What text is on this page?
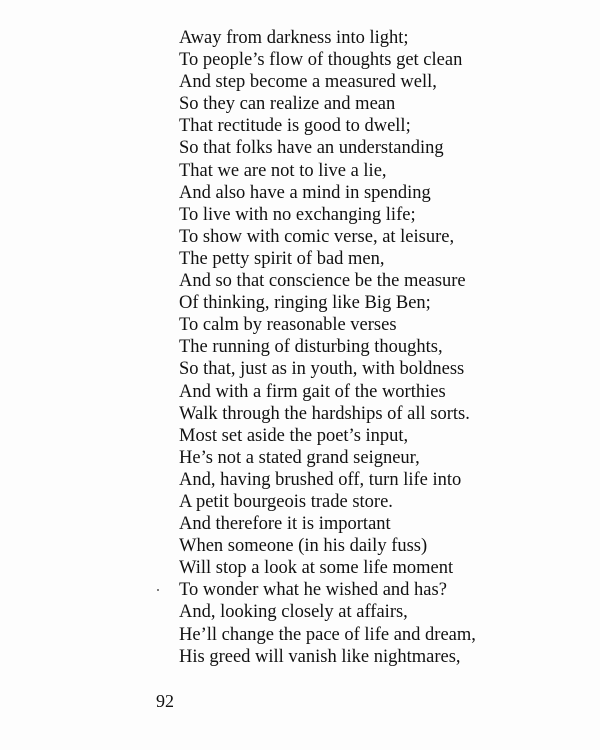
Away from darkness into light;
To people’s flow of thoughts get clean
And step become a measured well,
So they can realize and mean
That rectitude is good to dwell;
So that folks have an understanding
That we are not to live a lie,
And also have a mind in spending
To live with no exchanging life;
To show with comic verse, at leisure,
The petty spirit of bad men,
And so that conscience be the measure
Of thinking, ringing like Big Ben;
To calm by reasonable verses
The running of disturbing thoughts,
So that, just as in youth, with boldness
And with a firm gait of the worthies
Walk through the hardships of all sorts.
Most set aside the poet’s input,
He’s not a stated grand seigneur,
And, having brushed off, turn life into
A petit bourgeois trade store.
And therefore it is important
When someone (in his daily fuss)
Will stop a look at some life moment
To wonder what he wished and has?
And, looking closely at affairs,
He’ll change the pace of life and dream,
His greed will vanish like nightmares,
92
